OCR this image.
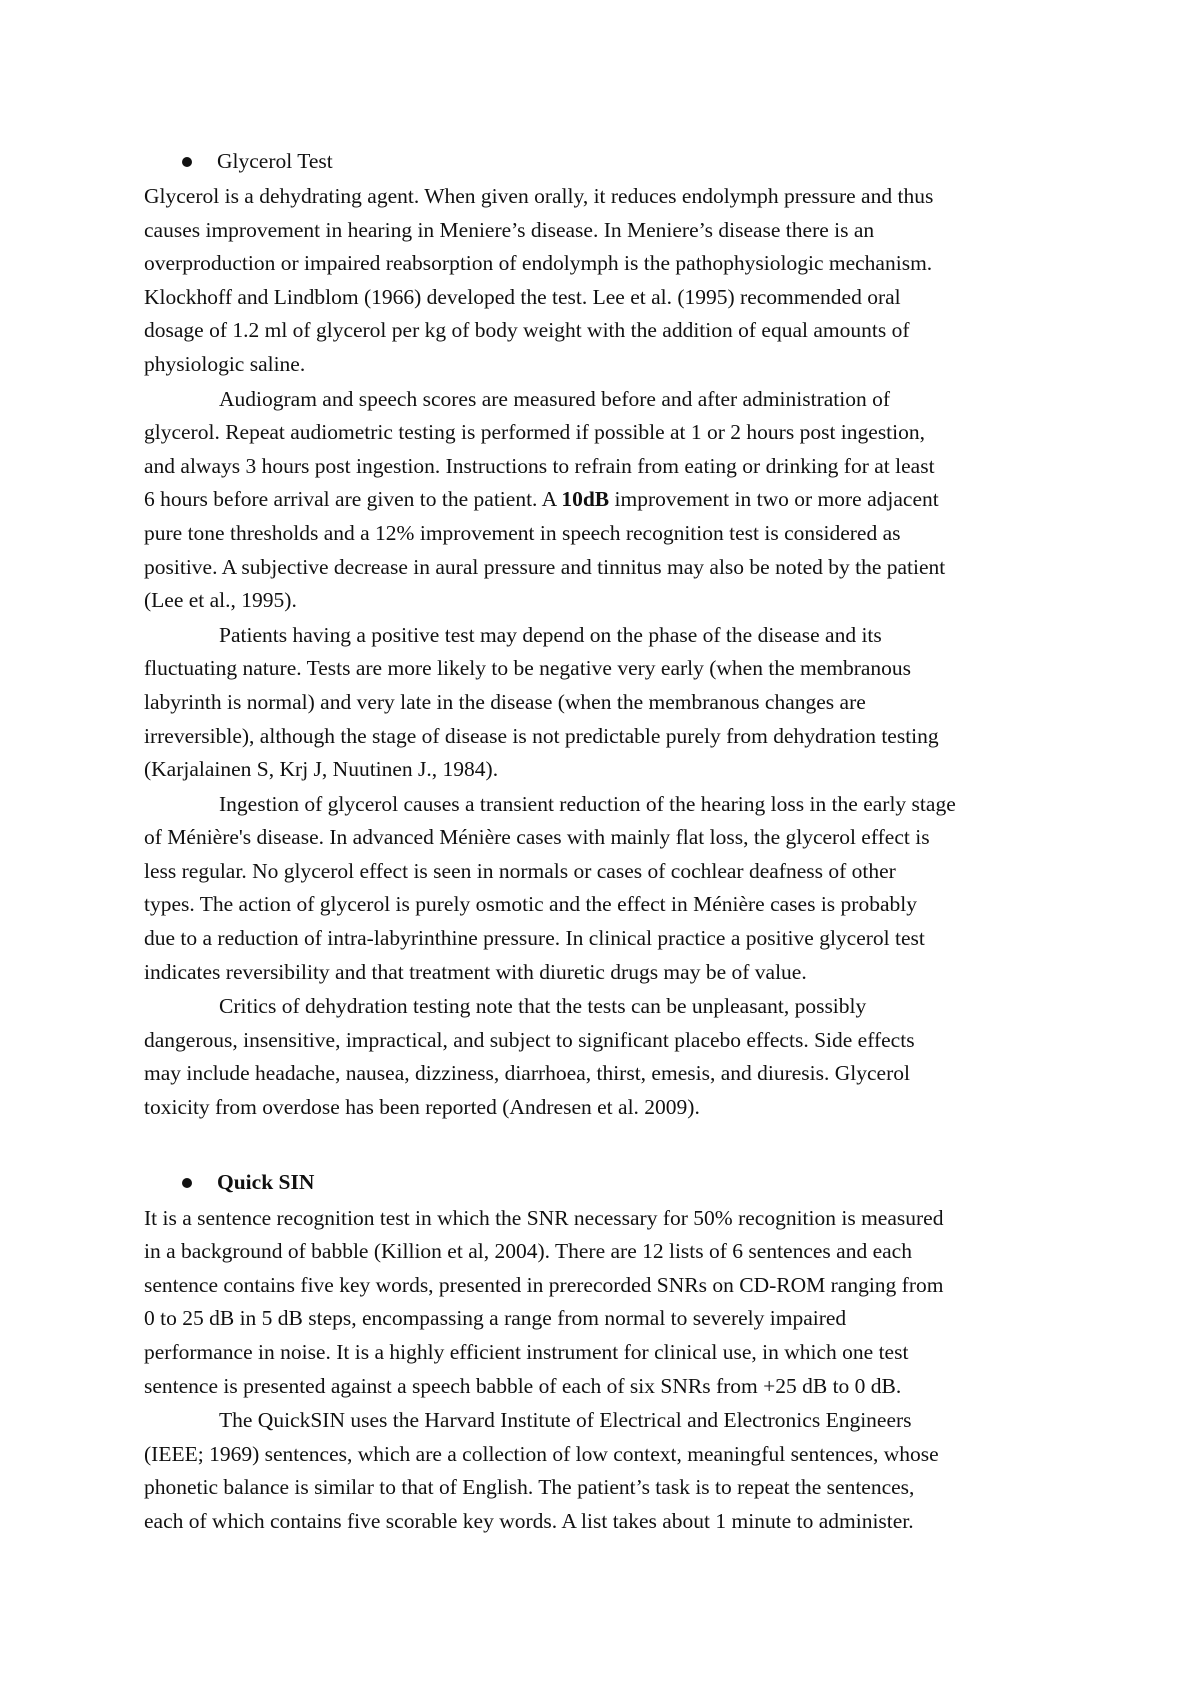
Glycerol Test

Glycerol is a dehydrating agent. When given orally, it reduces endolymph pressure and thus
causes improvement in hearing in Meniere’s disease. In Meniere’s disease there is an
overproduction or impaired reabsorption of endolymph is the pathophysiologic mechanism.
Klockhoff and Lindblom (1966) developed the test. Lee et al. (1995) recommended oral
dosage of 1.2 ml of glycerol per kg of body weight with the addition of equal amounts of
physiologic saline.

Audiogram and speech scores are measured before and after administration of
glycerol. Repeat audiometric testing is performed if possible at 1 or 2 hours post ingestion,
and always 3 hours post ingestion. Instructions to refrain from eating or drinking for at least
6 hours before arrival are given to the patient. A 10dB improvement in two or more adjacent
pure tone thresholds and a 12% improvement in speech recognition test is considered as
positive. A subjective decrease in aural pressure and tinnitus may also be noted by the patient
(Lee et al., 1995).

Patients having a positive test may depend on the phase of the disease and its
fluctuating nature. Tests are more likely to be negative very early (when the membranous
labyrinth is normal) and very late in the disease (when the membranous changes are
irreversible), although the stage of disease is not predictable purely from dehydration testing
(Karjalainen S, Krj J, Nuutinen J., 1984).

Ingestion of glycerol causes a transient reduction of the hearing loss in the early stage
of Ménière's disease. In advanced Ménière cases with mainly flat loss, the glycerol effect is
less regular. No glycerol effect is seen in normals or cases of cochlear deafness of other
types. The action of glycerol is purely osmotic and the effect in Ménière cases is probably
due to a reduction of intra-labyrinthine pressure. In clinical practice a positive glycerol test
indicates reversibility and that treatment with diuretic drugs may be of value.

Critics of dehydration testing note that the tests can be unpleasant, possibly
dangerous, insensitive, impractical, and subject to significant placebo effects. Side effects
may include headache, nausea, dizziness, diarrhoea, thirst, emesis, and diuresis. Glycerol
toxicity from overdose has been reported (Andresen et al. 2009).

Quick SIN

It is a sentence recognition test in which the SNR necessary for 50% recognition is measured
in a background of babble (Killion et al, 2004). There are 12 lists of 6 sentences and each
sentence contains five key words, presented in prerecorded SNRs on CD-ROM ranging from
0 to 25 dB in 5 dB steps, encompassing a range from normal to severely impaired
performance in noise. It is a highly efficient instrument for clinical use, in which one test
sentence is presented against a speech babble of each of six SNRs from +25 dB to 0 dB.

The QuickSIN uses the Harvard Institute of Electrical and Electronics Engineers
(IEEE; 1969) sentences, which are a collection of low context, meaningful sentences, whose
phonetic balance is similar to that of English. The patient’s task is to repeat the sentences,
each of which contains five scorable key words. A list takes about 1 minute to administer.
